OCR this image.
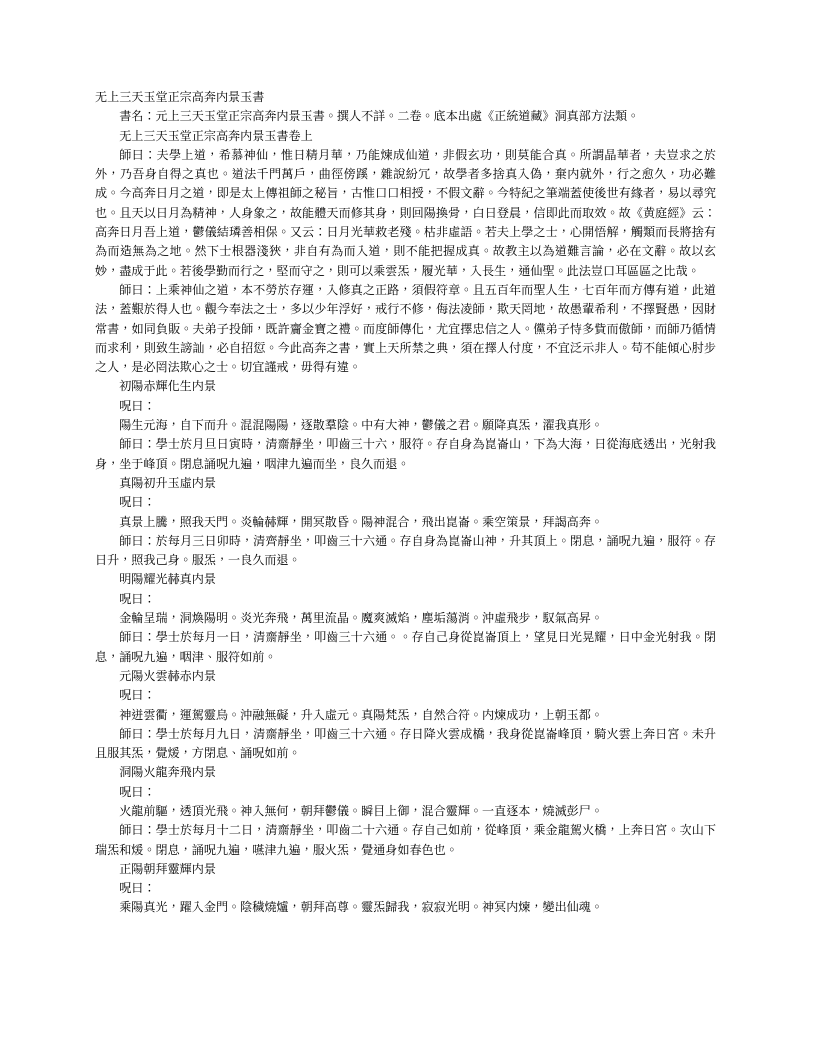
无上三天玉堂正宗高奔内景玉書

書名：元上三天玉堂正宗高奔内景玉書。撰人不詳。二卷。底本出處《正統道藏》洞真部方法類。

无上三天玉堂正宗高奔内景玉書卷上

師曰：夫學上道，希慕神仙，惟日精月華，乃能煉成仙道，非假玄功，則莫能合真。所謂晶華者，夫豈求之於外，乃吾身自得之真也。道法千門萬戶，曲徑傍蹊，雜說紛冗，故學者多捨真入偽，棄内就外，行之愈久，功必難成。今高奔日月之道，即是太上傳祖師之秘旨，古惟口口相授，不假文辭。今特紀之筆端蓋使後世有緣者，易以尋究也。且天以日月為精神，人身象之，故能體天而修其身，則回陽換骨，白日登晨，信即此而取效。故《黄庭經》云：高奔日月吾上道，鬱儀結璘善相保。又云：日月光華救老殘。枯非虛語。若夫上學之士，心開悟解，觸類而長將捨有為而造無為之地。然下士根器淺狹，非自有為而入道，則不能把握成真。故教主以為道難言論，必在文辭。故以玄妙，盡成于此。若後學勤而行之，堅而守之，則可以乘雲炁，履光華，入長生，通仙聖。此法豈口耳區區之比哉。

師曰：上乘神仙之道，本不勞於存運，入修真之正路，須假符章。且五百年而聖人生，七百年而方傳有道，此道法，蓋艱於得人也。觀今奉法之士，多以少年浮好，戒行不修，侮法凌師，欺天罔地，故愚輩希利，不擇賢愚，因財常書，如同負販。夫弟子投師，既許齎金寶之禮。而度師傳化，尤宜擇忠信之人。儻弟子恃多貲而傲師，而師乃循情而求利，則致生謗訕，必自招愆。今此高奔之書，實上天所禁之典，須在擇人付度，不宜泛示非人。苟不能傾心肘步之人，是必罔法欺心之士。切宜謹戒，毋得有違。

初陽赤輝化生内景

呪曰：

陽生元海，自下而升。混混陽陽，逐散羣陰。中有大神，鬱儀之君。願降真炁，濯我真形。

師曰：學士於月旦日寅時，清齋靜坐，叩齒三十六，服符。存自身為崑崙山，下為大海，日從海底透出，光射我身，坐于峰頂。閉息誦呪九遍，咽津九遍而坐，良久而退。

真陽初升玉虛内景

呪曰：

真景上騰，照我天門。炎輪赫輝，開冥散昏。陽神混合，飛出崑崙。乘空策景，拜謁高奔。

師曰：於每月三日卯時，清齊靜坐，叩齒三十六通。存自身為崑崙山神，升其頂上。閉息，誦呪九遍，服符。存日升，照我己身。服炁，一良久而退。

明陽耀光赫真内景

呪曰：

金輪呈瑞，洞煥陽明。炎光奔飛，萬里流晶。魔爽滅焰，塵垢蕩消。沖虛飛步，馭氣高昇。

師曰：學士於每月一日，清齋靜坐，叩齒三十六通。。存自己身從崑崙頂上，望見日光晃耀，日中金光射我。閉息，誦呪九遍，咽津、服符如前。

元陽火雲赫赤内景

呪曰：

神迸雲衢，運駕靈烏。沖融無礙，升入虛元。真陽梵炁，自然合符。内煉成功，上朝玉都。

師曰：學士於每月九日，清齋靜坐，叩齒三十六通。存日降火雲成橋，我身從崑崙峰頂，騎火雲上奔日宮。未升且服其炁，覺煖，方閉息、誦呪如前。

洞陽火龍奔飛内景

呪曰：

火龍前驅，透頂光飛。神入無何，朝拜鬱儀。瞬目上御，混合靈輝。一直逐本，燒滅彭尸。

師曰：學士於每月十二日，清齋靜坐，叩齒二十六通。存自己如前，從峰頂，乘金龍駕火橋，上奔日宮。次山下瑞炁和煖。閉息，誦呪九遍，嚥津九遍，服火炁，覺通身如春色也。

正陽朝拜靈輝内景

呪曰：

乘陽真光，躍入金門。陰穢燒爐，朝拜高尊。靈炁歸我，寂寂光明。神冥内煉，變出仙魂。
